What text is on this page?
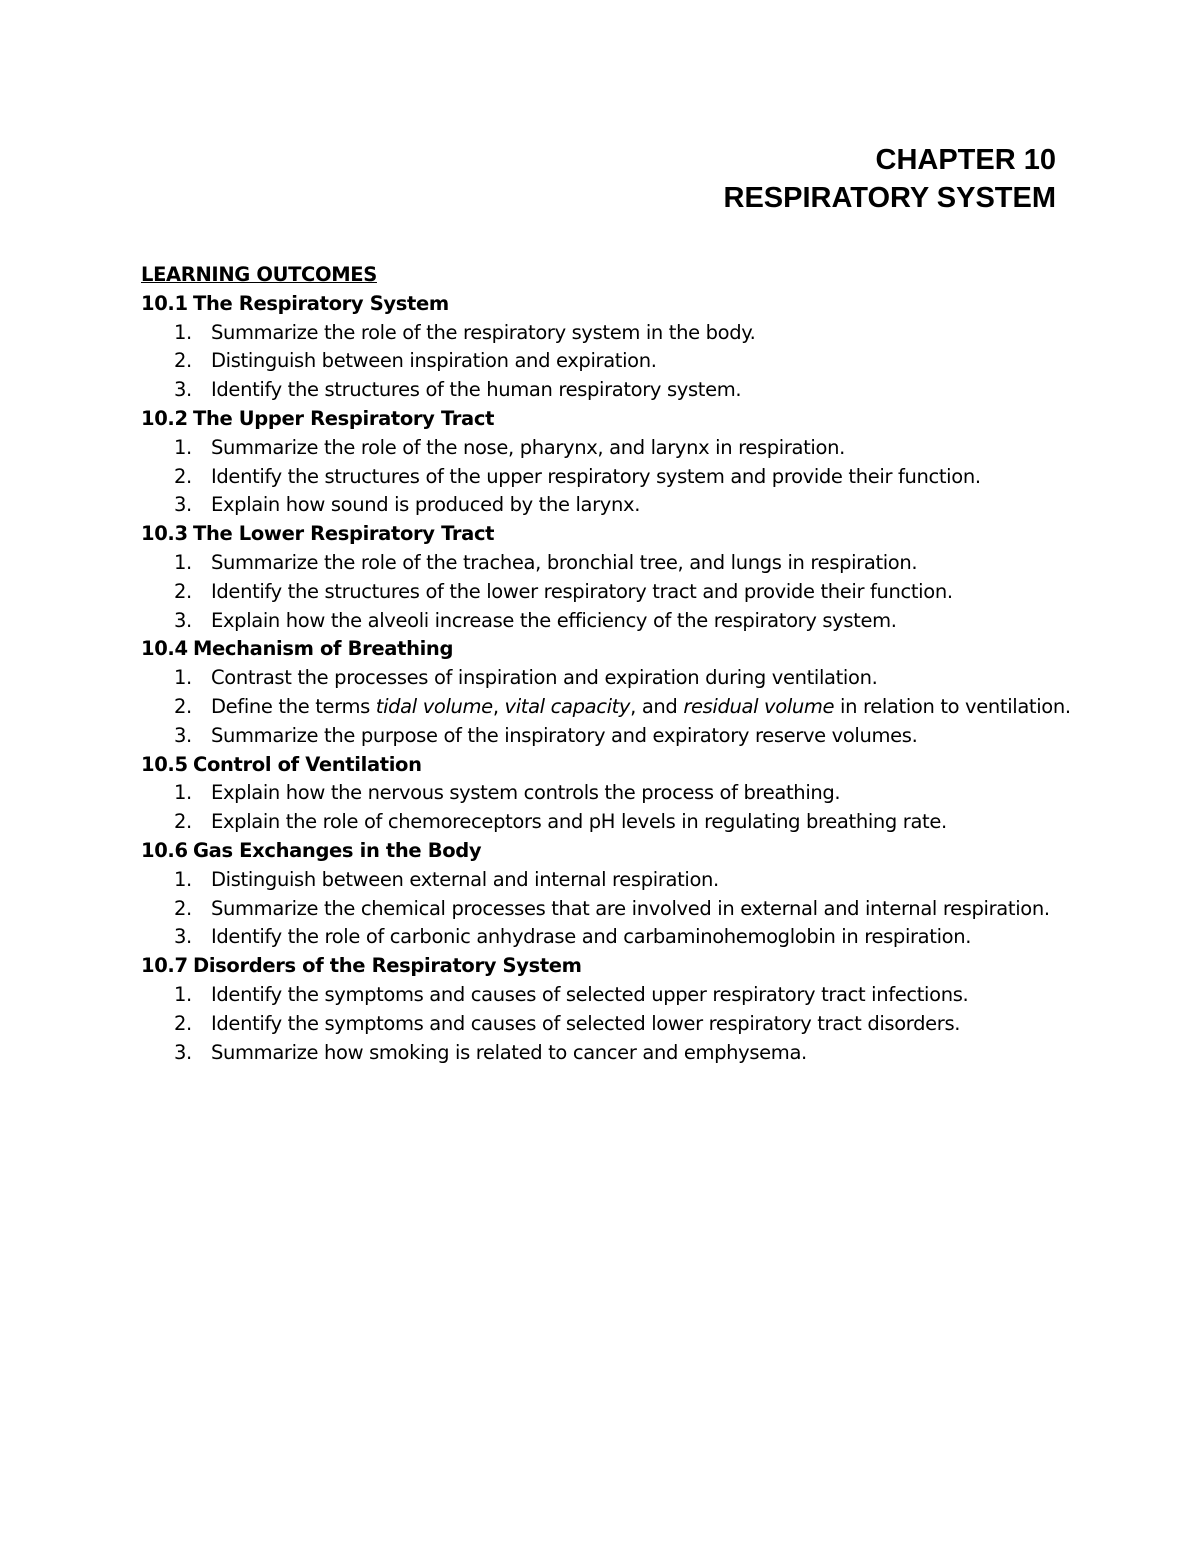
CHAPTER 10
RESPIRATORY SYSTEM
LEARNING OUTCOMES
10.1 The Respiratory System
1. Summarize the role of the respiratory system in the body.
2. Distinguish between inspiration and expiration.
3. Identify the structures of the human respiratory system.
10.2 The Upper Respiratory Tract
1. Summarize the role of the nose, pharynx, and larynx in respiration.
2. Identify the structures of the upper respiratory system and provide their function.
3. Explain how sound is produced by the larynx.
10.3 The Lower Respiratory Tract
1. Summarize the role of the trachea, bronchial tree, and lungs in respiration.
2. Identify the structures of the lower respiratory tract and provide their function.
3. Explain how the alveoli increase the efficiency of the respiratory system.
10.4 Mechanism of Breathing
1. Contrast the processes of inspiration and expiration during ventilation.
2. Define the terms tidal volume, vital capacity, and residual volume in relation to ventilation.
3. Summarize the purpose of the inspiratory and expiratory reserve volumes.
10.5 Control of Ventilation
1. Explain how the nervous system controls the process of breathing.
2. Explain the role of chemoreceptors and pH levels in regulating breathing rate.
10.6 Gas Exchanges in the Body
1. Distinguish between external and internal respiration.
2. Summarize the chemical processes that are involved in external and internal respiration.
3. Identify the role of carbonic anhydrase and carbaminohemoglobin in respiration.
10.7 Disorders of the Respiratory System
1. Identify the symptoms and causes of selected upper respiratory tract infections.
2. Identify the symptoms and causes of selected lower respiratory tract disorders.
3. Summarize how smoking is related to cancer and emphysema.
